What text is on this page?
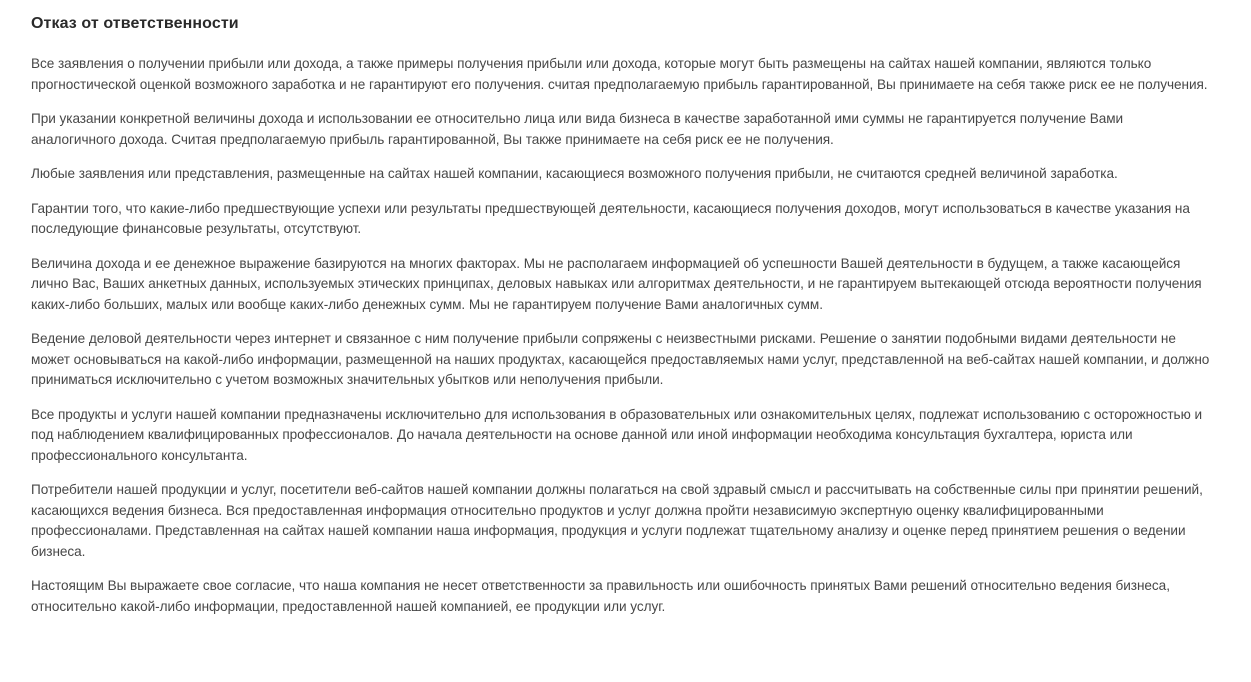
Отказ от ответственности

Все заявления о получении прибыли или дохода, а также примеры получения прибыли или дохода, которые могут быть размещены на сайтах нашей компании, являются только прогностической оценкой возможного заработка и не гарантируют его получения. считая предполагаемую прибыль гарантированной, Вы принимаете на себя также риск ее не получения.

При указании конкретной величины дохода и использовании ее относительно лица или вида бизнеса в качестве заработанной ими суммы не гарантируется получение Вами аналогичного дохода. Считая предполагаемую прибыль гарантированной, Вы также принимаете на себя риск ее не получения.

Любые заявления или представления, размещенные на сайтах нашей компании, касающиеся возможного получения прибыли, не считаются средней величиной заработка.

Гарантии того, что какие-либо предшествующие успехи или результаты предшествующей деятельности, касающиеся получения доходов, могут использоваться в качестве указания на последующие финансовые результаты, отсутствуют.

Величина дохода и ее денежное выражение базируются на многих факторах. Мы не располагаем информацией об успешности Вашей деятельности в будущем, а также касающейся лично Вас, Ваших анкетных данных, используемых этических принципах, деловых навыках или алгоритмах деятельности, и не гарантируем вытекающей отсюда вероятности получения каких-либо больших, малых или вообще каких-либо денежных сумм. Мы не гарантируем получение Вами аналогичных сумм.

Ведение деловой деятельности через интернет и связанное с ним получение прибыли сопряжены с неизвестными рисками. Решение о занятии подобными видами деятельности не может основываться на какой-либо информации, размещенной на наших продуктах, касающейся предоставляемых нами услуг, представленной на веб-сайтах нашей компании, и должно приниматься исключительно с учетом возможных значительных убытков или неполучения прибыли.

Все продукты и услуги нашей компании предназначены исключительно для использования в образовательных или ознакомительных целях, подлежат использованию с осторожностью и под наблюдением квалифицированных профессионалов. До начала деятельности на основе данной или иной информации необходима консультация бухгалтера, юриста или профессионального консультанта.

Потребители нашей продукции и услуг, посетители веб-сайтов нашей компании должны полагаться на свой здравый смысл и рассчитывать на собственные силы при принятии решений, касающихся ведения бизнеса. Вся предоставленная информация относительно продуктов и услуг должна пройти независимую экспертную оценку квалифицированными профессионалами. Представленная на сайтах нашей компании наша информация, продукция и услуги подлежат тщательному анализу и оценке перед принятием решения о ведении бизнеса.

Настоящим Вы выражаете свое согласие, что наша компания не несет ответственности за правильность или ошибочность принятых Вами решений относительно ведения бизнеса, относительно какой-либо информации, предоставленной нашей компанией, ее продукции или услуг.
